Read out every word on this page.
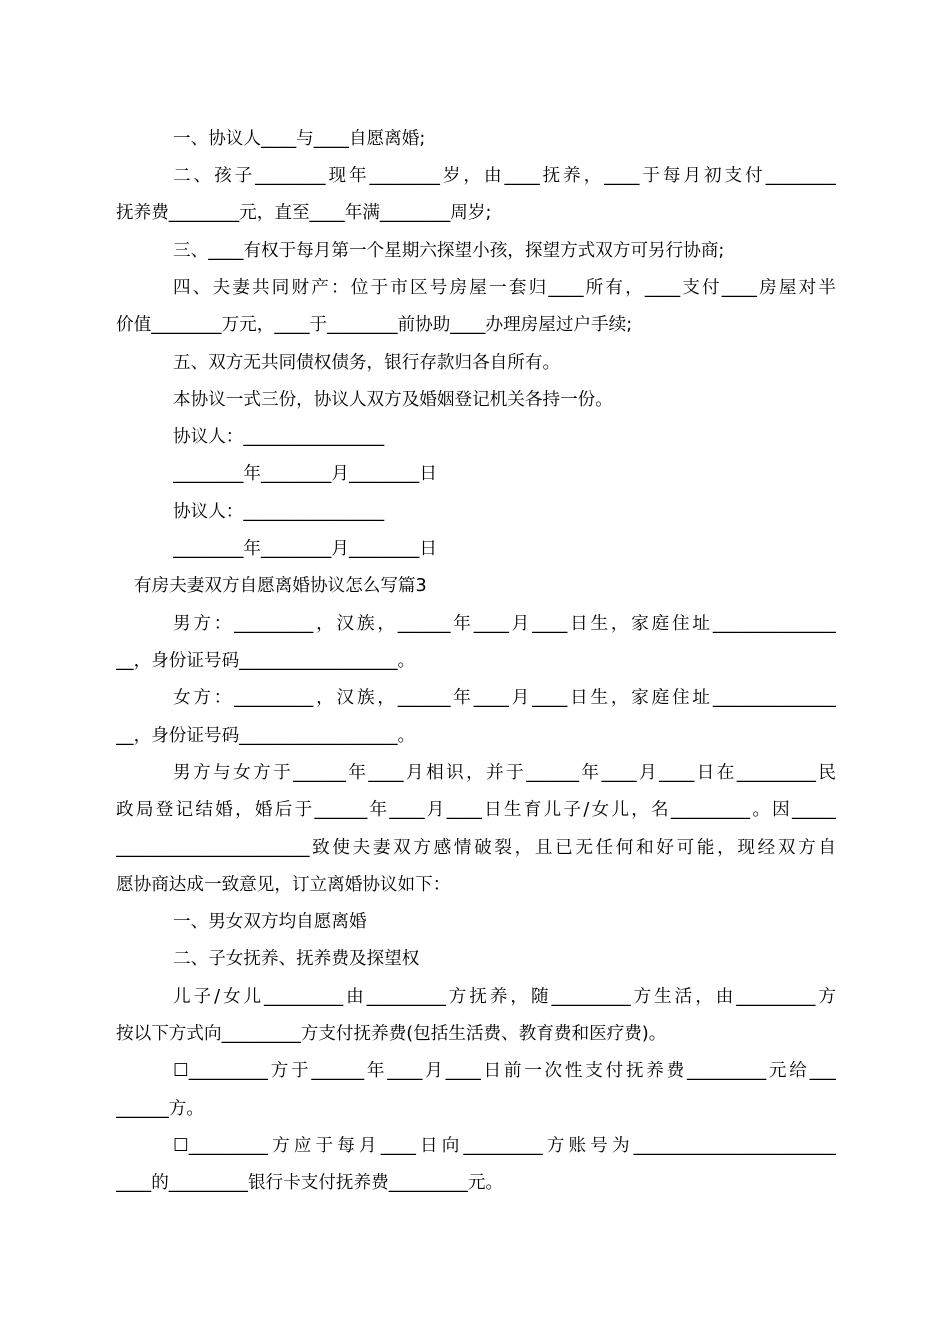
一、协议人____与____自愿离婚;

二、孩子________现年________岁，由____抚养，____于每月初支付________

抚养费________元，直至____年满________周岁;

三、____有权于每月第一个星期六探望小孩，探望方式双方可另行协商;

四、夫妻共同财产：位于市区号房屋一套归____所有，____支付____房屋对半

价值________万元，____于________前协助____办理房屋过户手续;

五、双方无共同债权债务，银行存款归各自所有。

本协议一式三份，协议人双方及婚姻登记机关各持一份。

协议人：________________

________年________月________日

协议人：________________

________年________月________日

有房夫妻双方自愿离婚协议怎么写篇3

男方：_________，汉族，______年____月____日生，家庭住址______________

__，身份证号码__________________。

女方：_________，汉族，______年____月____日生，家庭住址______________

__，身份证号码__________________。

男方与女方于______年____月相识，并于______年____月____日在_________民

政局登记结婚，婚后于______年____月____日生育儿子/女儿，名_________。因_____

______________________致使夫妻双方感情破裂，且已无任何和好可能，现经双方自

愿协商达成一致意见，订立离婚协议如下：

一、男女双方均自愿离婚

二、子女抚养、抚养费及探望权

儿子/女儿_________由_________方抚养，随_________方生活，由_________方

按以下方式向_________方支付抚养费(包括生活费、教育费和医疗费)。

☐_________方于______年____月____日前一次性支付抚养费_________元给___

______方。

☐_________方应于每月____日向_________方账号为_______________________

____的_________银行卡支付抚养费_________元。
